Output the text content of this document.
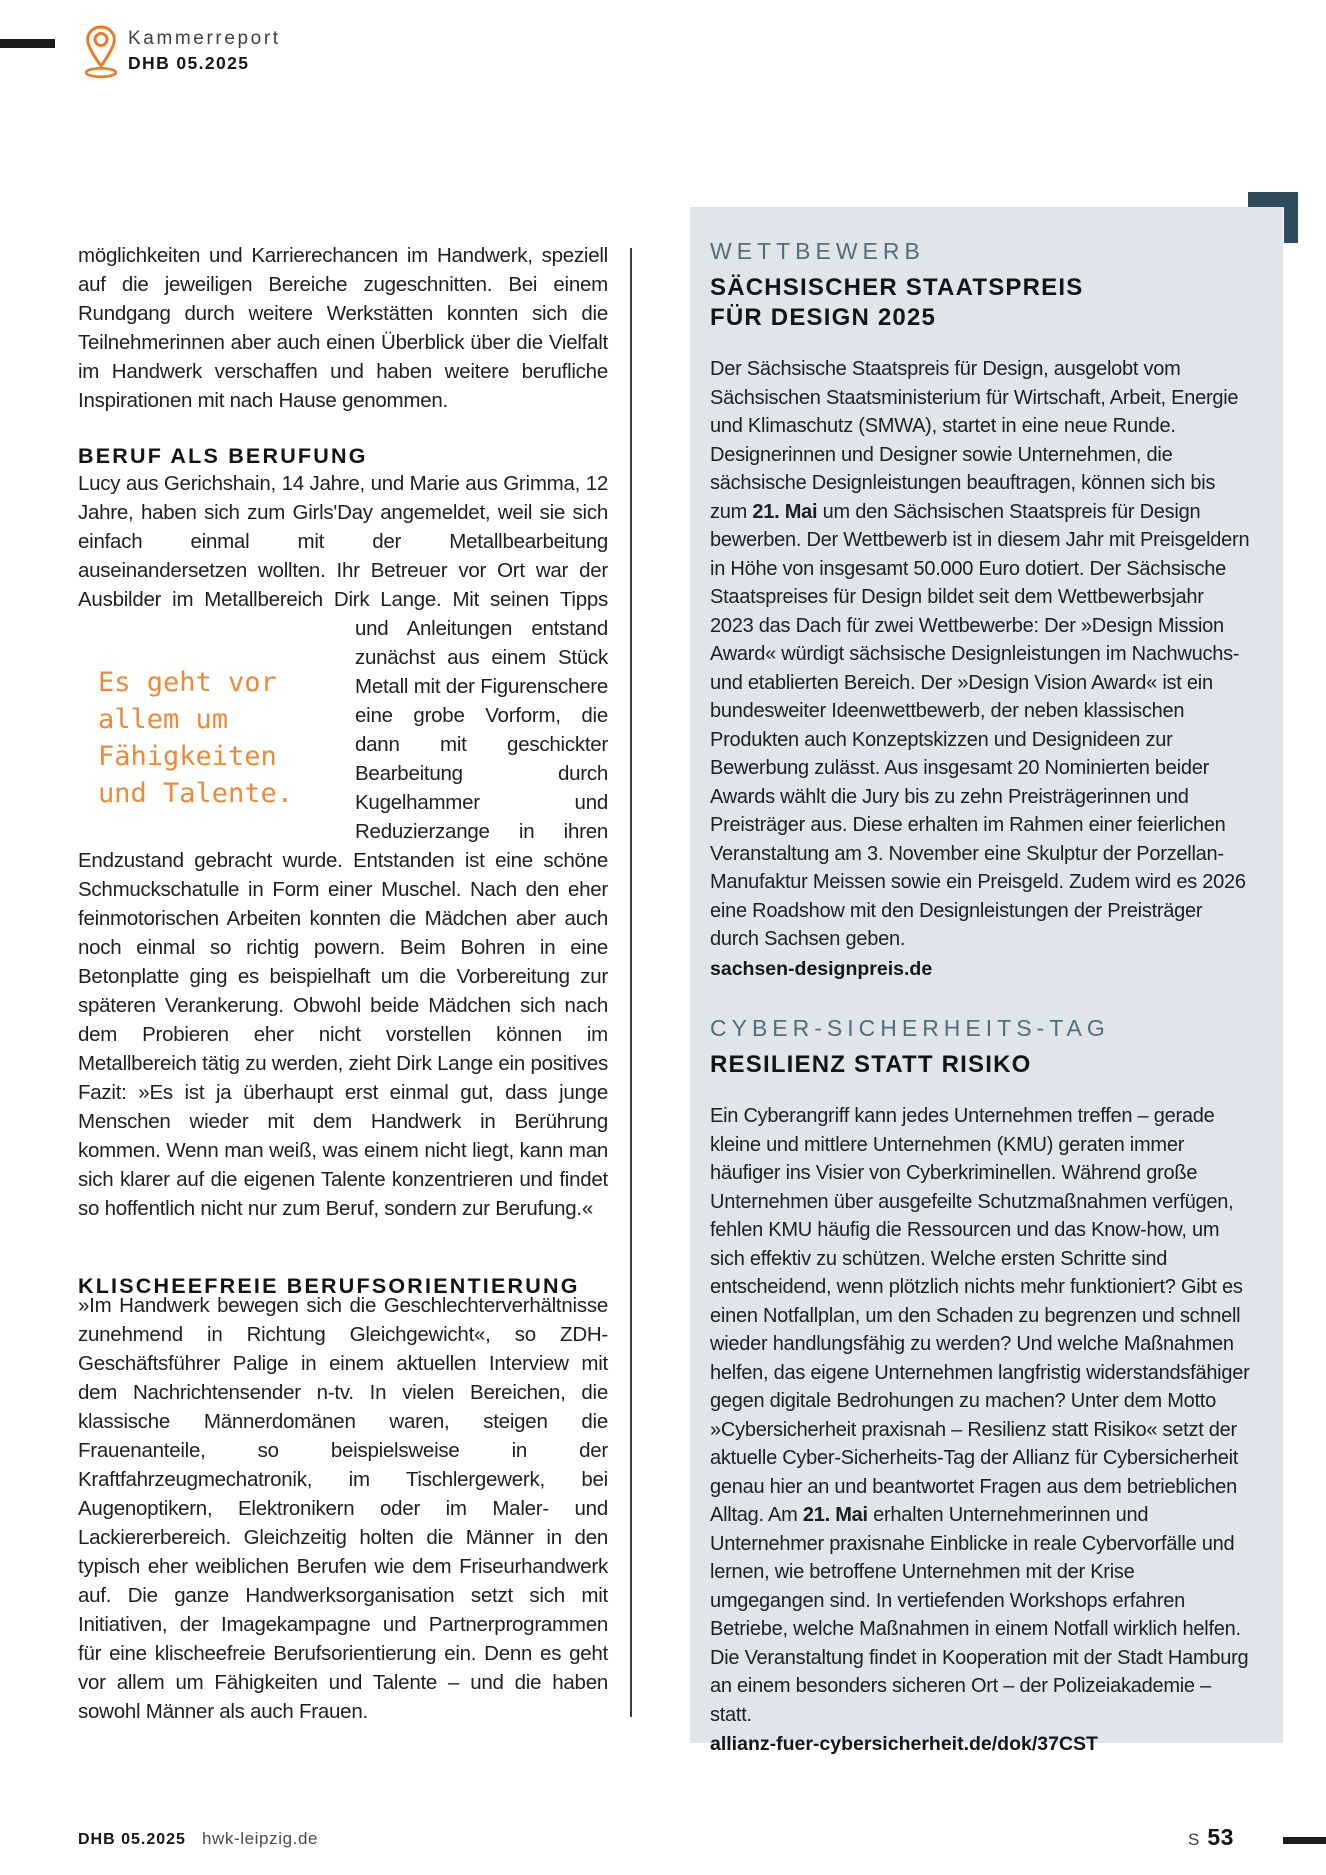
Kammerreport
DHB 05.2025

möglichkeiten und Karrierechancen im Handwerk, speziell auf die jeweiligen Bereiche zugeschnitten. Bei einem Rundgang durch weitere Werkstätten konnten sich die Teilnehmerinnen aber auch einen Überblick über die Vielfalt im Handwerk verschaffen und haben weitere berufliche Inspirationen mit nach Hause genommen.

BERUF ALS BERUFUNG

Lucy aus Gerichshain, 14 Jahre, und Marie aus Grimma, 12 Jahre, haben sich zum Girls'Day angemeldet, weil sie sich einfach einmal mit der Metallbearbeitung auseinandersetzen wollten. Ihr Betreuer vor Ort war der Ausbilder im Metallbereich Dirk Lange. Mit seinen
Es geht vor
allem um
Fähigkeiten
und Talente.
Tipps und Anleitungen entstand zunächst aus einem Stück Metall mit der Figurenschere eine grobe Vorform, die dann mit geschickter Bearbeitung durch Kugelhammer und Reduzierzange in ihren Endzustand gebracht wurde. Entstanden ist eine schöne Schmuckschatulle in Form einer Muschel. Nach den eher feinmotorischen Arbeiten konnten die Mädchen aber auch noch einmal so richtig powern. Beim Bohren in eine Betonplatte ging es beispielhaft um die Vorbereitung zur späteren Verankerung. Obwohl beide Mädchen sich nach dem Probieren eher nicht vorstellen können im Metallbereich tätig zu werden, zieht Dirk Lange ein positives Fazit: »Es ist ja überhaupt erst einmal gut, dass junge Menschen wieder mit dem Handwerk in Berührung kommen. Wenn man weiß, was einem nicht liegt, kann man sich klarer auf die eigenen Talente konzentrieren und findet so hoffentlich nicht nur zum Beruf, sondern zur Berufung.«

KLISCHEEFREIE BERUFSORIENTIERUNG

»Im Handwerk bewegen sich die Geschlechterverhältnisse zunehmend in Richtung Gleichgewicht«, so ZDH-Geschäftsführer Palige in einem aktuellen Interview mit dem Nachrichtensender n-tv. In vielen Bereichen, die klassische Männerdomänen waren, steigen die Frauenanteile, so beispielsweise in der Kraftfahrzeugmechatronik, im Tischlergewerk, bei Augenoptikern, Elektronikern oder im Maler- und Lackiererbereich. Gleichzeitig holten die Männer in den typisch eher weiblichen Berufen wie dem Friseurhandwerk auf. Die ganze Handwerksorganisation setzt sich mit Initiativen, der Imagekampagne und Partnerprogrammen für eine klischeefreie Berufsorientierung ein. Denn es geht vor allem um Fähigkeiten und Talente – und die haben sowohl Männer als auch Frauen.

WETTBEWERB
SÄCHSISCHER STAATSPREIS
FÜR DESIGN 2025

Der Sächsische Staatspreis für Design, ausgelobt vom Sächsischen Staatsministerium für Wirtschaft, Arbeit, Energie und Klimaschutz (SMWA), startet in eine neue Runde. Designerinnen und Designer sowie Unternehmen, die sächsische Designleistungen beauftragen, können sich bis zum 21. Mai um den Sächsischen Staatspreis für Design bewerben. Der Wettbewerb ist in diesem Jahr mit Preisgeldern in Höhe von insgesamt 50.000 Euro dotiert. Der Sächsische Staatspreises für Design bildet seit dem Wettbewerbsjahr 2023 das Dach für zwei Wettbewerbe: Der »Design Mission Award« würdigt sächsische Designleistungen im Nachwuchs- und etablierten Bereich. Der »Design Vision Award« ist ein bundesweiter Ideenwettbewerb, der neben klassischen Produkten auch Konzeptskizzen und Designideen zur Bewerbung zulässt. Aus insgesamt 20 Nominierten beider Awards wählt die Jury bis zu zehn Preisträgerinnen und Preisträger aus. Diese erhalten im Rahmen einer feierlichen Veranstaltung am 3. November eine Skulptur der Porzellan-Manufaktur Meissen sowie ein Preisgeld. Zudem wird es 2026 eine Roadshow mit den Designleistungen der Preisträger durch Sachsen geben.

sachsen-designpreis.de
CYBER-SICHERHEITS-TAG
RESILIENZ STATT RISIKO

Ein Cyberangriff kann jedes Unternehmen treffen – gerade kleine und mittlere Unternehmen (KMU) geraten immer häufiger ins Visier von Cyberkriminellen. Während große Unternehmen über ausgefeilte Schutzmaßnahmen verfügen, fehlen KMU häufig die Ressourcen und das Know-how, um sich effektiv zu schützen. Welche ersten Schritte sind entscheidend, wenn plötzlich nichts mehr funktioniert? Gibt es einen Notfallplan, um den Schaden zu begrenzen und schnell wieder handlungsfähig zu werden? Und welche Maßnahmen helfen, das eigene Unternehmen langfristig widerstandsfähiger gegen digitale Bedrohungen zu machen? Unter dem Motto »Cybersicherheit praxisnah – Resilienz statt Risiko« setzt der aktuelle Cyber-Sicherheits-Tag der Allianz für Cybersicherheit genau hier an und beantwortet Fragen aus dem betrieblichen Alltag. Am 21. Mai erhalten Unternehmerinnen und Unternehmer praxisnahe Einblicke in reale Cybervorfälle und lernen, wie betroffene Unternehmen mit der Krise umgegangen sind. In vertiefenden Workshops erfahren Betriebe, welche Maßnahmen in einem Notfall wirklich helfen. Die Veranstaltung findet in Kooperation mit der Stadt Hamburg an einem besonders sicheren Ort – der Polizeiakademie – statt.

allianz-fuer-cybersicherheit.de/dok/37CST
DHB 05.2025 hwk-leipzig.de	S 53
